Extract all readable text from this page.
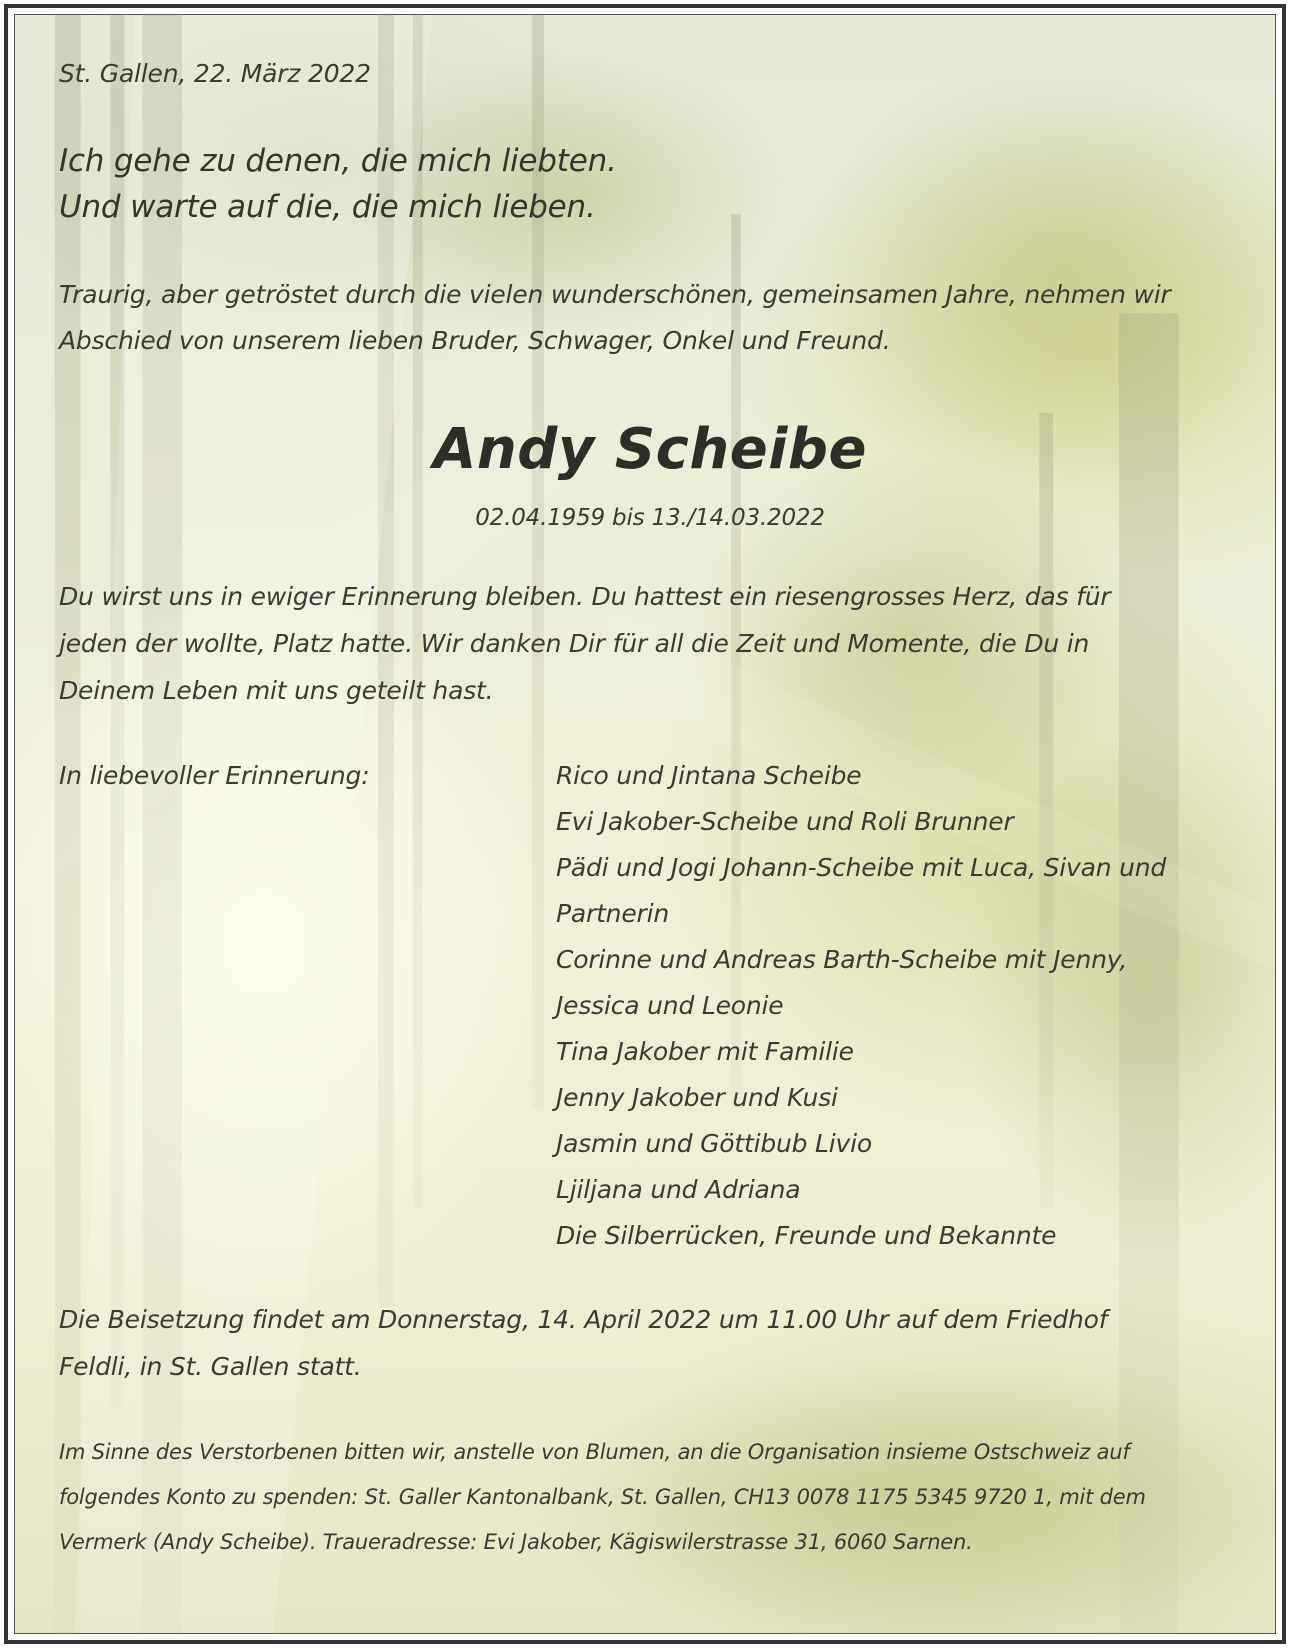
St. Gallen, 22. März 2022

Ich gehe zu denen, die mich liebten.

Und warte auf die, die mich lieben.

Traurig, aber getröstet durch die vielen wunderschönen, gemeinsamen Jahre, nehmen wir

Abschied von unserem lieben Bruder, Schwager, Onkel und Freund.

Andy Scheibe

02.04.1959 bis 13./14.03.2022

Du wirst uns in ewiger Erinnerung bleiben. Du hattest ein riesengrosses Herz, das für

jeden der wollte, Platz hatte. Wir danken Dir für all die Zeit und Momente, die Du in

Deinem Leben mit uns geteilt hast.

In liebevoller Erinnerung:	Rico und Jintana Scheibe

Evi Jakober-Scheibe und Roli Brunner

Pädi und Jogi Johann-Scheibe mit Luca, Sivan und

Partnerin

Corinne und Andreas Barth-Scheibe mit Jenny,

Jessica und Leonie

Tina Jakober mit Familie

Jenny Jakober und Kusi

Jasmin und Göttibub Livio

Ljiljana und Adriana

Die Silberrücken, Freunde und Bekannte

Die Beisetzung findet am Donnerstag, 14. April 2022 um 11.00 Uhr auf dem Friedhof

Feldli, in St. Gallen statt.

Im Sinne des Verstorbenen bitten wir, anstelle von Blumen, an die Organisation insieme Ostschweiz auf

folgendes Konto zu spenden: St. Galler Kantonalbank, St. Gallen, CH13 0078 1175 5345 9720 1, mit dem

Vermerk (Andy Scheibe). Traueradresse: Evi Jakober, Kägiswilerstrasse 31, 6060 Sarnen.
